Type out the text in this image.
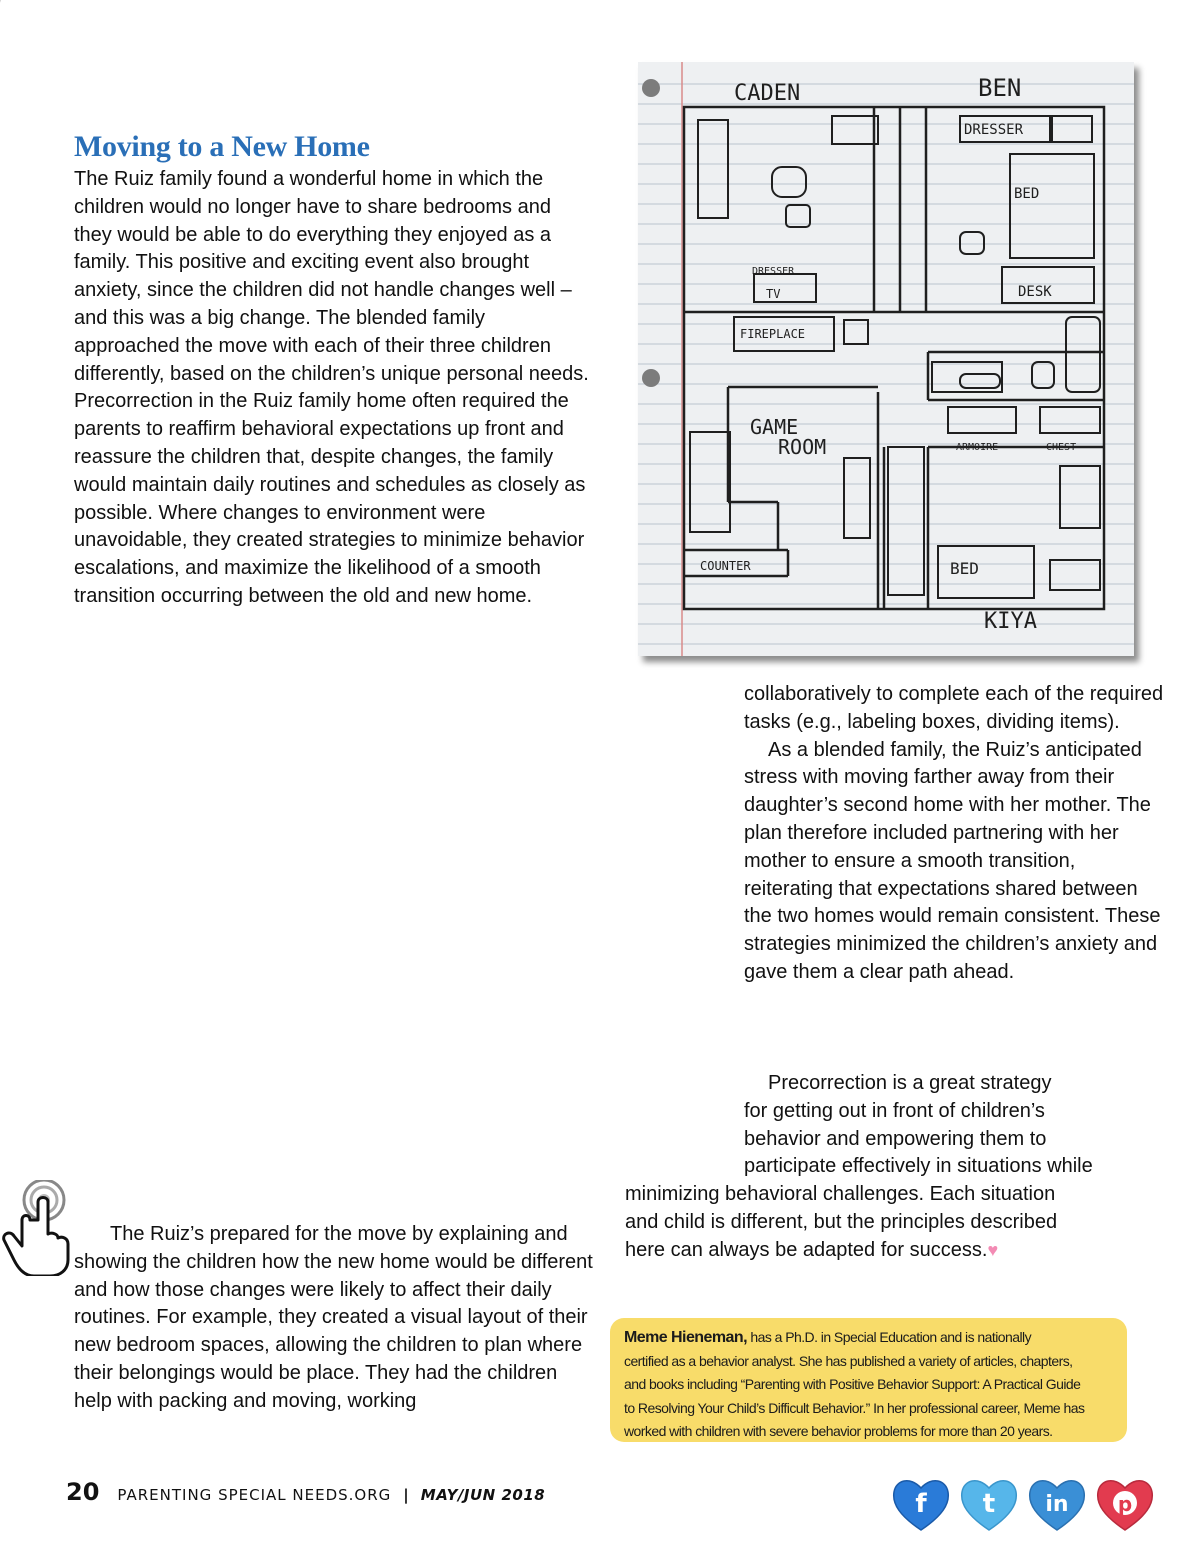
Moving to a New Home

The Ruiz family found a wonderful home in which the children would no longer have to share bedrooms and they would be able to do everything they enjoyed as a family. This positive and exciting event also brought anxiety, since the children did not handle changes well – and this was a big change. The blended family approached the move with each of their three children differently, based on the children’s unique personal needs. Precorrection in the Ruiz family home often required the parents to reaffirm behavioral expectations up front and reassure the children that, despite changes, the family would maintain daily routines and schedules as closely as possible. Where changes to environment were unavoidable, they created strategies to minimize behavior escalations, and maximize the likelihood of a smooth transition occurring between the old and new home.

CADEN	BEN
GAME
ROOM
KIYA
DRESSER
BED
DESK
FIREPLACE
COUNTER	BED
ARMOIRE	CHEST
DRESSER
TV
collaboratively to complete each of the required tasks (e.g., labeling boxes, dividing items).
As a blended family, the Ruiz’s anticipated stress with moving farther away from their daughter’s second home with her mother. The plan therefore included partnering with her mother to ensure a smooth transition, reiterating that expectations shared between the two homes would remain consistent. These strategies minimized the children’s anxiety and gave them a clear path ahead.
Precorrection is a great strategy
for getting out in front of children’s
behavior and empowering them to
participate effectively in situations while
minimizing behavioral challenges. Each situation
and child is different, but the principles described
here can always be adapted for success.♥

The Ruiz’s prepared for the move by explaining and showing the children how the new home would be different and how those changes were likely to affect their daily routines. For example, they created a visual layout of their new bedroom spaces, allowing the children to plan where their belongings would be place. They had the children help with packing and moving, working

Meme Hieneman, has a Ph.D. in Special Education and is nationally
certified as a behavior analyst. She has published a variety of articles, chapters,
and books including “Parenting with Positive Behavior Support: A Practical Guide
to Resolving Your Child’s Difficult Behavior.” In her professional career, Meme has
worked with children with severe behavior problems for more than 20 years.
20 PARENTING SPECIAL NEEDS.ORG | MAY/JUN 2018	f t in p
